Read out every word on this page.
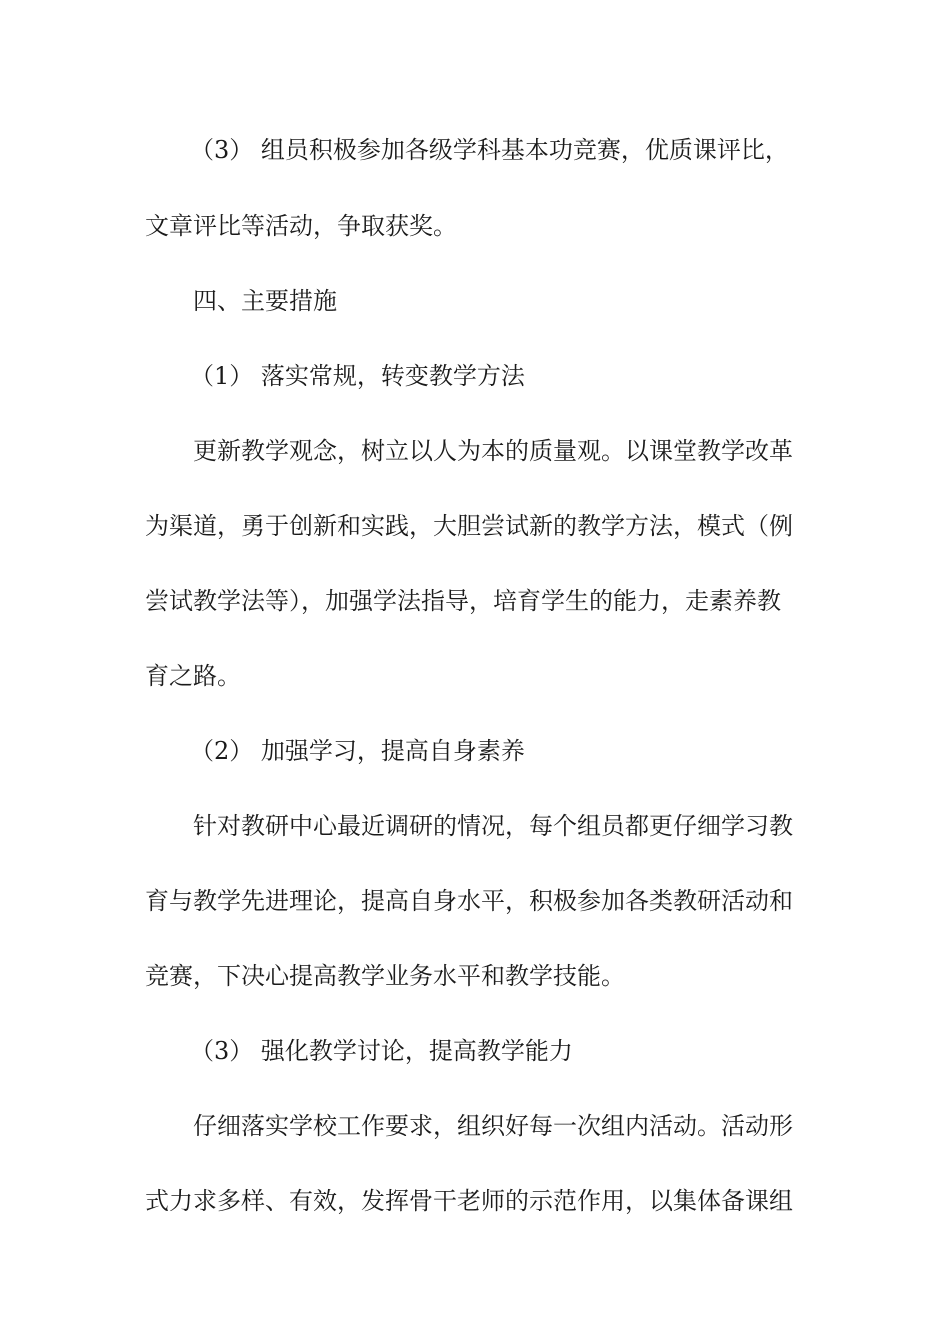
（3） 组员积极参加各级学科基本功竞赛，优质课评比，
文章评比等活动，争取获奖。
四、主要措施
（1） 落实常规，转变教学方法
更新教学观念，树立以人为本的质量观。以课堂教学改革
为渠道，勇于创新和实践，大胆尝试新的教学方法，模式（例
尝试教学法等），加强学法指导，培育学生的能力，走素养教
育之路。
（2） 加强学习，提高自身素养
针对教研中心最近调研的情况，每个组员都更仔细学习教
育与教学先进理论，提高自身水平，积极参加各类教研活动和
竞赛，下决心提高教学业务水平和教学技能。
（3） 强化教学讨论，提高教学能力
仔细落实学校工作要求，组织好每一次组内活动。活动形
式力求多样、有效，发挥骨干老师的示范作用，以集体备课组
